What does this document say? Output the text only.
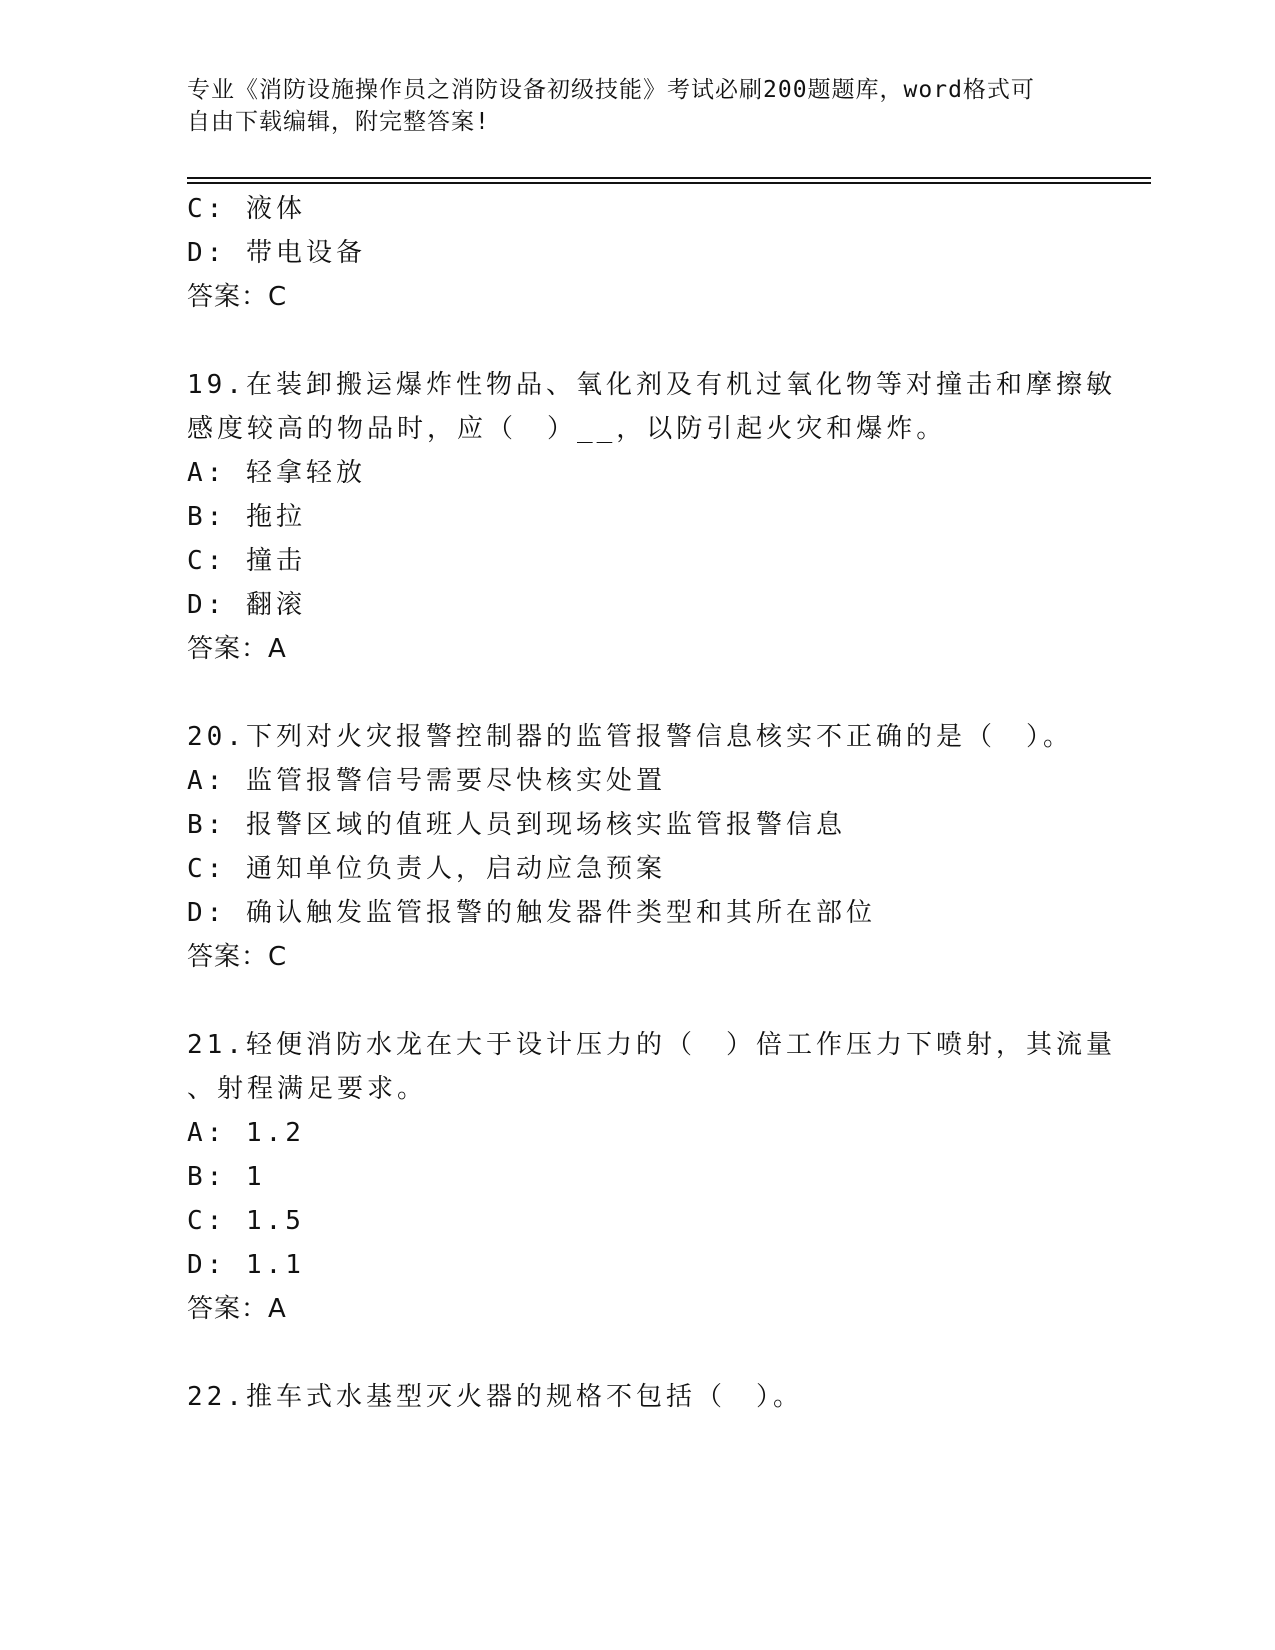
专业《消防设施操作员之消防设备初级技能》考试必刷200题题库，word格式可
自由下载编辑，附完整答案!
C: 液体
D: 带电设备
答案：C
19.在装卸搬运爆炸性物品、氧化剂及有机过氧化物等对撞击和摩擦敏
感度较高的物品时，应（　）__，以防引起火灾和爆炸。
A: 轻拿轻放
B: 拖拉
C: 撞击
D: 翻滚
答案：A
20.下列对火灾报警控制器的监管报警信息核实不正确的是（　）。
A: 监管报警信号需要尽快核实处置
B: 报警区域的值班人员到现场核实监管报警信息
C: 通知单位负责人，启动应急预案
D: 确认触发监管报警的触发器件类型和其所在部位
答案：C
21.轻便消防水龙在大于设计压力的（　）倍工作压力下喷射，其流量
、射程满足要求。
A: 1.2
B: 1
C: 1.5
D: 1.1
答案：A
22.推车式水基型灭火器的规格不包括（　）。
